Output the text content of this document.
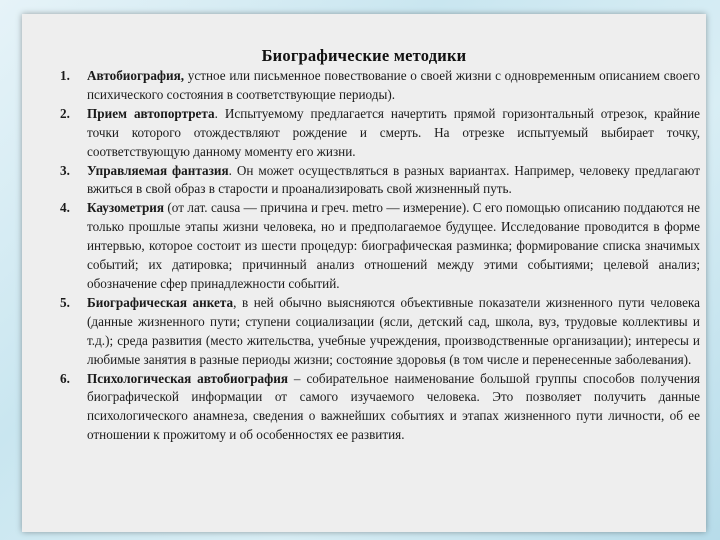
Биографические методики
1. Автобиография, устное или письменное повествование о своей жизни с одновременным описанием своего психического состояния в соответствующие периоды).
2. Прием автопортрета. Испытуемому предлагается начертить прямой горизонтальный отрезок, крайние точки которого отождествляют рождение и смерть. На отрезке испытуемый выбирает точку, соответствующую данному моменту его жизни.
3. Управляемая фантазия. Он может осуществляться в разных вариантах. Например, человеку предлагают вжиться в свой образ в старости и проанализировать свой жизненный путь.
4. Каузометрия (от лат. causa — причина и греч. metro — измерение). С его помощью описанию поддаются не только прошлые этапы жизни человека, но и предполагаемое будущее. Исследование проводится в форме интервью, которое состоит из шести процедур: биографическая разминка; формирование списка значимых событий; их датировка; причинный анализ отношений между этими событиями; целевой анализ; обозначение сфер принадлежности событий.
5. Биографическая анкета, в ней обычно выясняются объективные показатели жизненного пути человека (данные жизненного пути; ступени социализации (ясли, детский сад, школа, вуз, трудовые коллективы и т.д.); среда развития (место жительства, учебные учреждения, производственные организации); интересы и любимые занятия в разные периоды жизни; состояние здоровья (в том числе и перенесенные заболевания).
6. Психологическая автобиография – собирательное наименование большой группы способов получения биографической информации от самого изучаемого человека. Это позволяет получить данные психологического анамнеза, сведения о важнейших событиях и этапах жизненного пути личности, об ее отношении к прожитому и об особенностях ее развития.
